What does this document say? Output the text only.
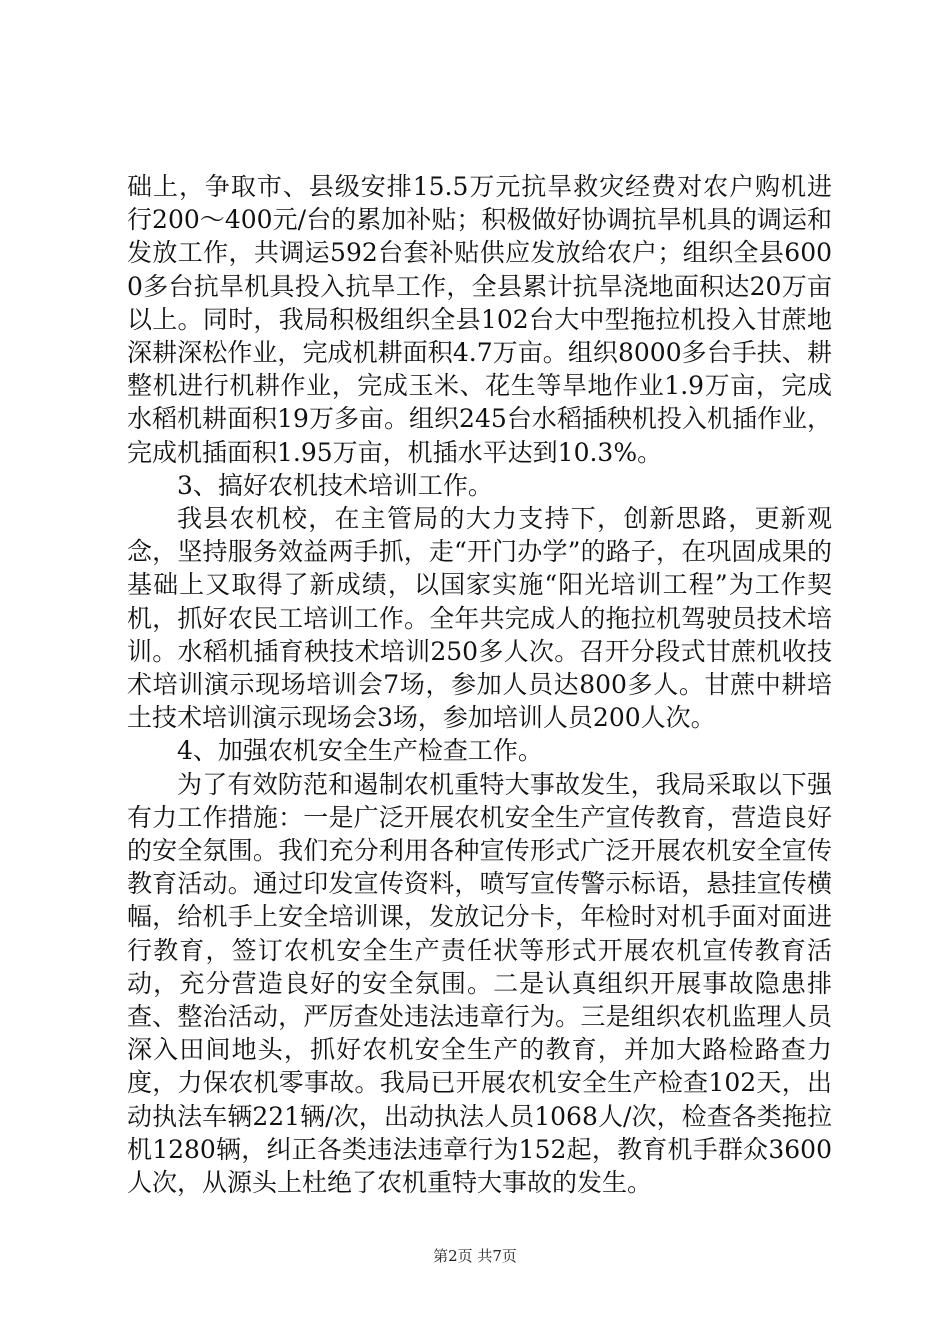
础上，争取市、县级安排15.5万元抗旱救灾经费对农户购机进行200～400元/台的累加补贴；积极做好协调抗旱机具的调运和发放工作，共调运592台套补贴供应发放给农户；组织全县6000多台抗旱机具投入抗旱工作，全县累计抗旱浇地面积达20万亩以上。同时，我局积极组织全县102台大中型拖拉机投入甘蔗地深耕深松作业，完成机耕面积4.7万亩。组织8000多台手扶、耕整机进行机耕作业，完成玉米、花生等旱地作业1.9万亩，完成水稻机耕面积19万多亩。组织245台水稻插秧机投入机插作业，完成机插面积1.95万亩，机插水平达到10.3%。

3、搞好农机技术培训工作。

我县农机校，在主管局的大力支持下，创新思路，更新观念，坚持服务效益两手抓，走“开门办学”的路子，在巩固成果的基础上又取得了新成绩，以国家实施“阳光培训工程”为工作契机，抓好农民工培训工作。全年共完成人的拖拉机驾驶员技术培训。水稻机插育秧技术培训250多人次。召开分段式甘蔗机收技术培训演示现场培训会7场，参加人员达800多人。甘蔗中耕培土技术培训演示现场会3场，参加培训人员200人次。

4、加强农机安全生产检查工作。

为了有效防范和遏制农机重特大事故发生，我局采取以下强有力工作措施：一是广泛开展农机安全生产宣传教育，营造良好的安全氛围。我们充分利用各种宣传形式广泛开展农机安全宣传教育活动。通过印发宣传资料，喷写宣传警示标语，悬挂宣传横幅，给机手上安全培训课，发放记分卡，年检时对机手面对面进行教育，签订农机安全生产责任状等形式开展农机宣传教育活动，充分营造良好的安全氛围。二是认真组织开展事故隐患排查、整治活动，严厉查处违法违章行为。三是组织农机监理人员深入田间地头，抓好农机安全生产的教育，并加大路检路查力度，力保农机零事故。我局已开展农机安全生产检查102天，出动执法车辆221辆/次，出动执法人员1068人/次，检查各类拖拉机1280辆，纠正各类违法违章行为152起，教育机手群众3600人次，从源头上杜绝了农机重特大事故的发生。

第2页 共7页
